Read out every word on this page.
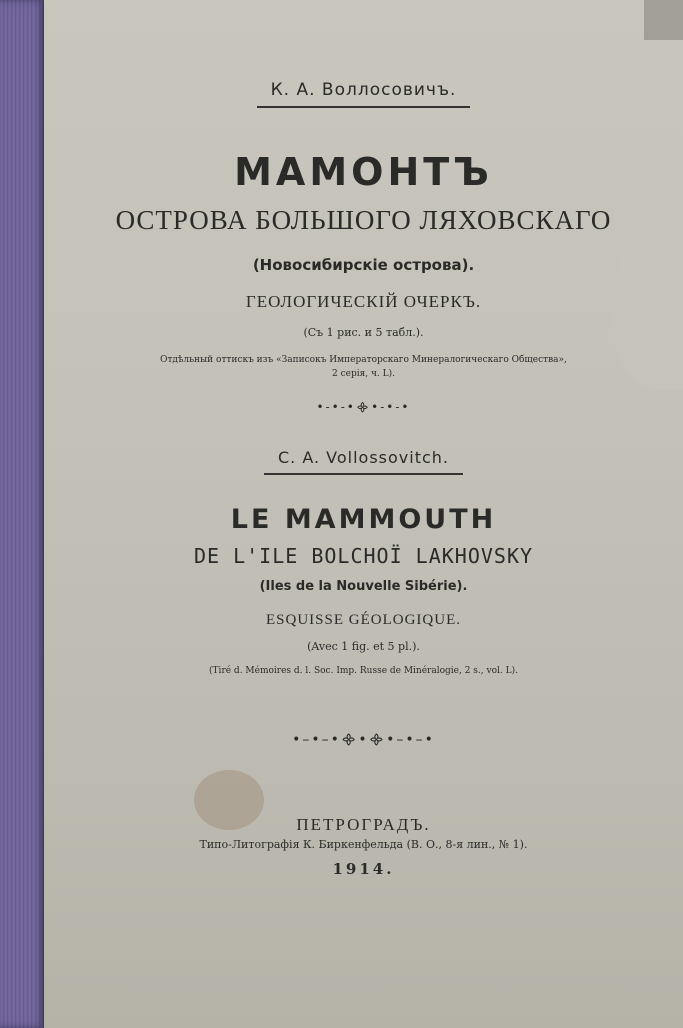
К. А. Воллосовичъ.
МАМОНТЪ
ОСТРОВА БОЛЬШОГО ЛЯХОВСКАГО
(Новосибирскіе острова).
ГЕОЛОГИЧЕСКІЙ ОЧЕРКЪ.
(Съ 1 рис. и 5 табл.).
Отдѣльный оттискъ изъ «Записокъ Императорскаго Минералогическаго Общества»,
2 серія, ч. L).
•-•-•᯽•-•-•
C. A. Vollossovitch.
LE MAMMOUTH
DE L'ILE BOLCHOÏ LAKHOVSKY
(Iles de la Nouvelle Sibérie).
ESQUISSE GÉOLOGIQUE.
(Avec 1 fig. et 5 pl.).
(Tiré d. Mémoires d. l. Soc. Imp. Russe de Minéralogie, 2 s., vol. L).
•–•–•᯽•᯽•–•–•
ПЕТРОГРАДЪ.
Типо-Литографія К. Биркенфельда (В. О., 8-я лин., № 1).
1914.
